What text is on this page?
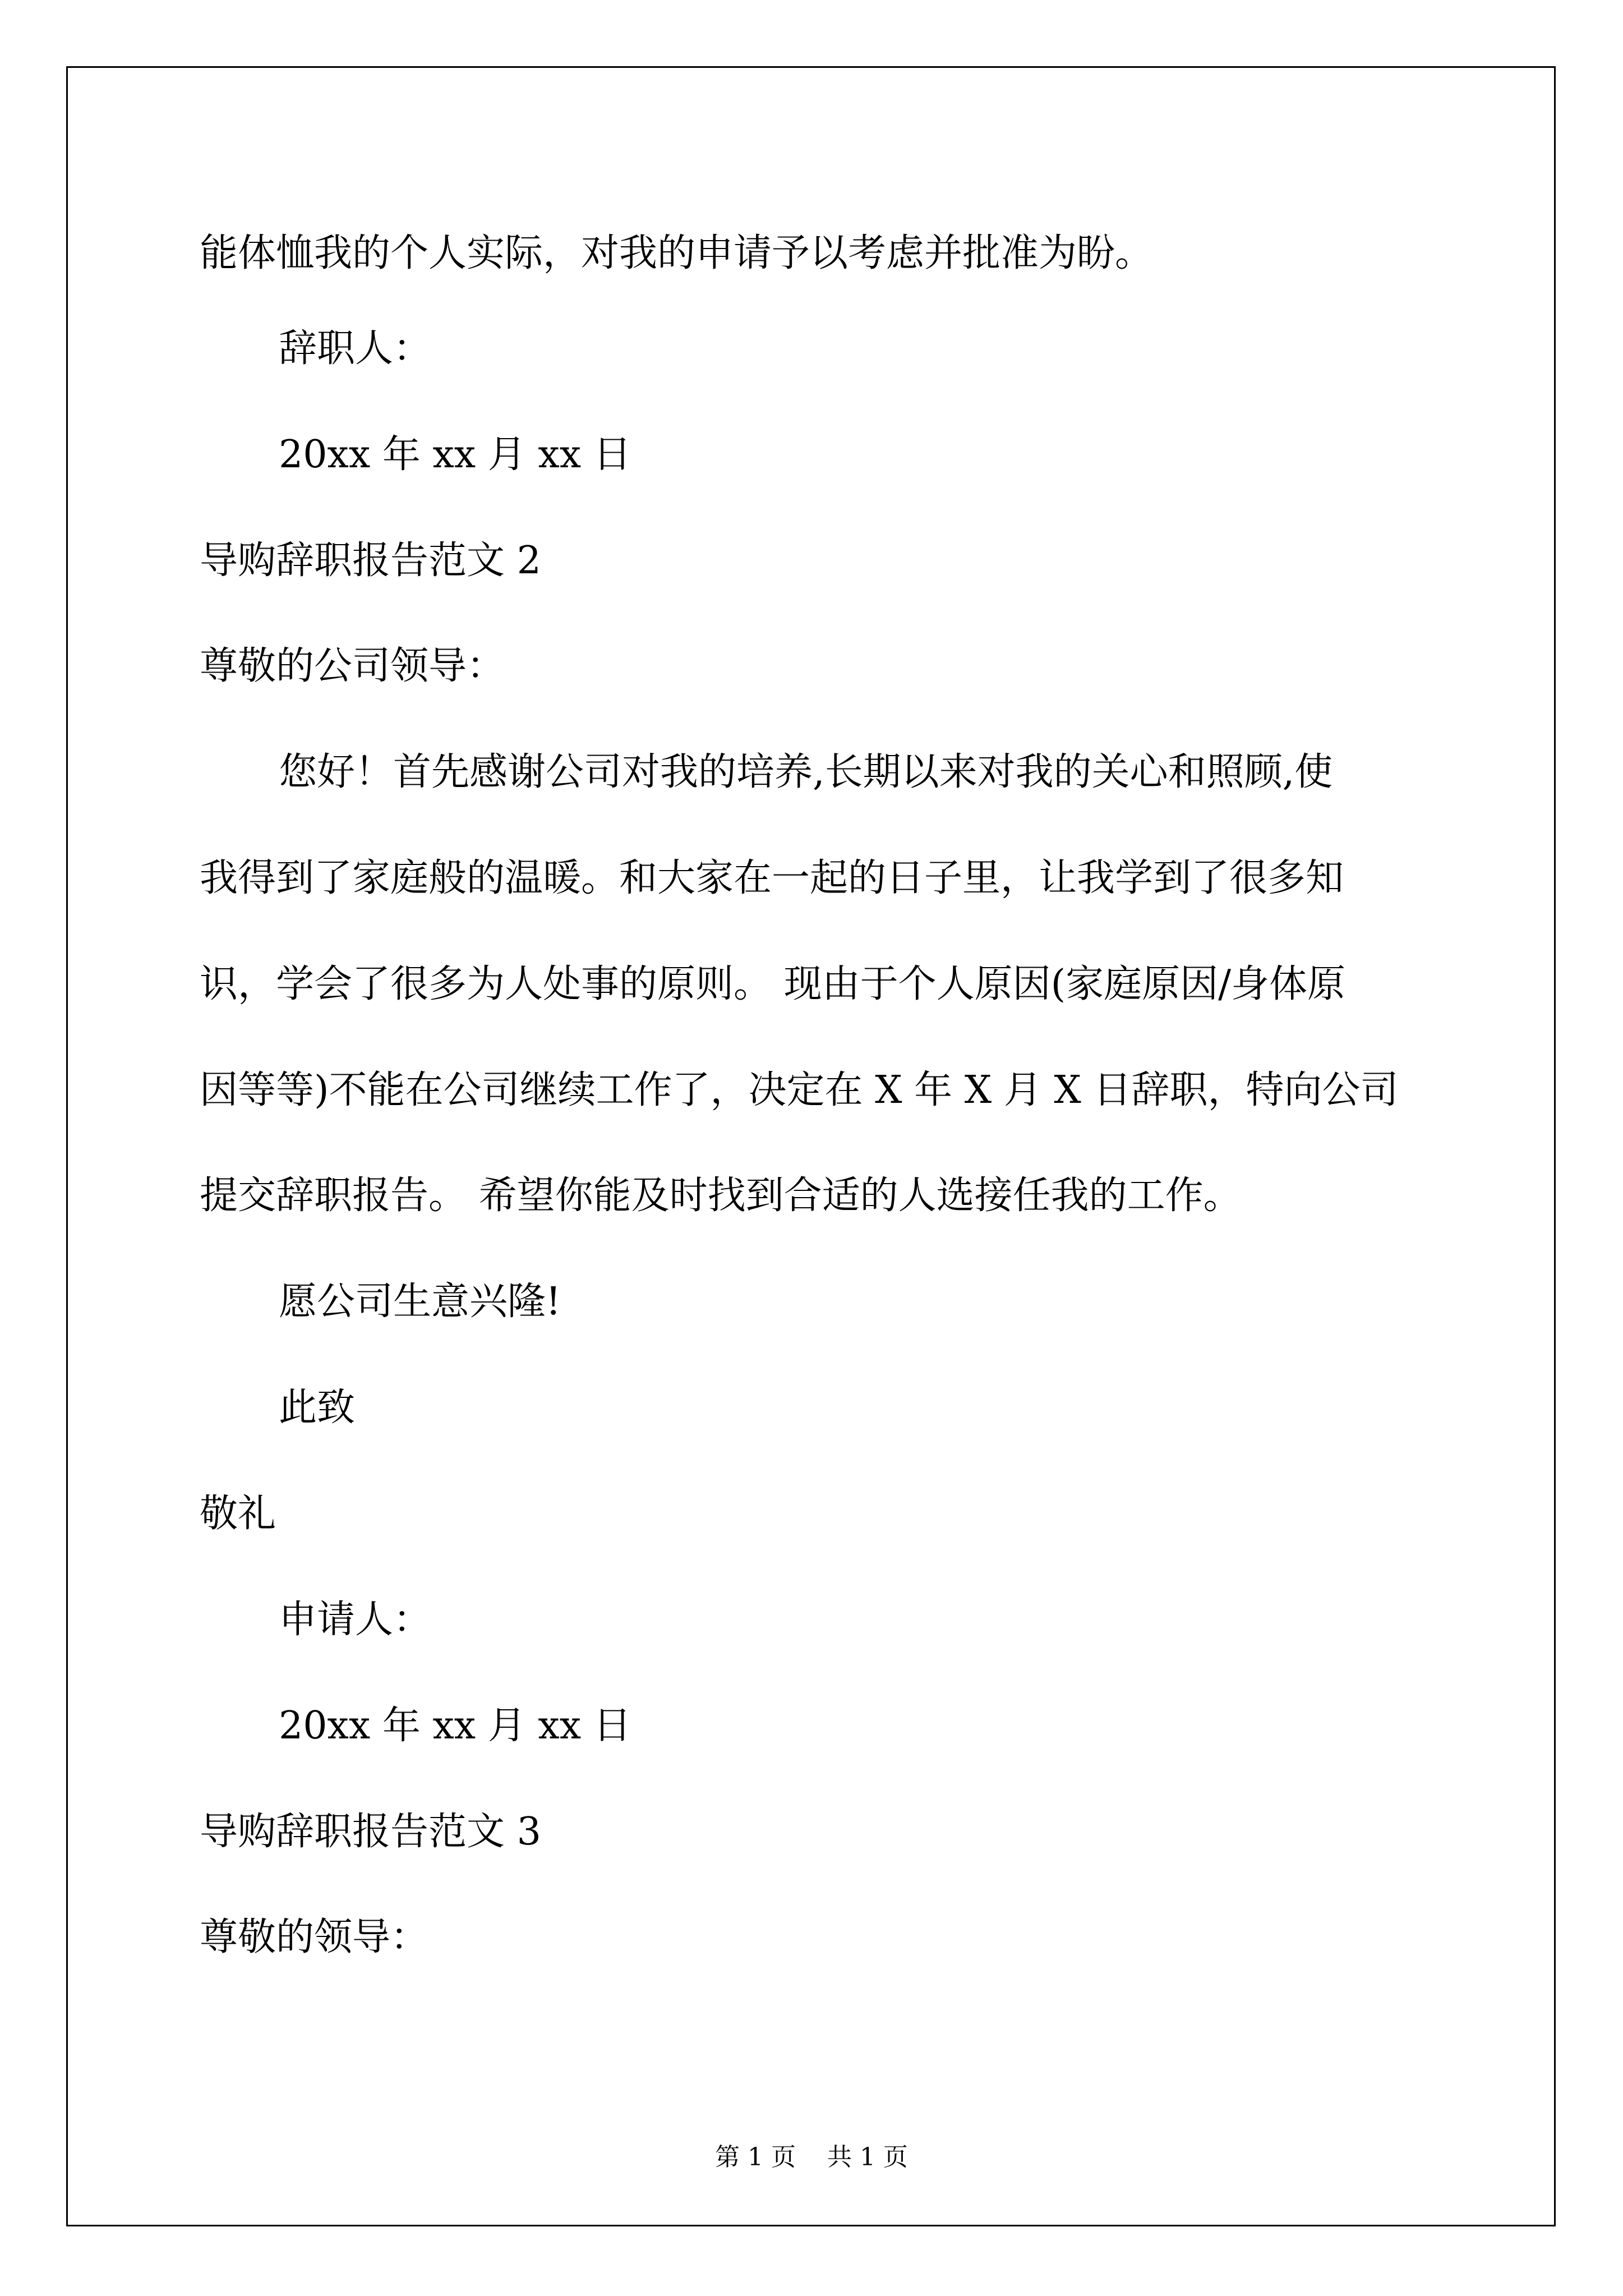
能体恤我的个人实际，对我的申请予以考虑并批准为盼。

辞职人：

20xx 年 xx 月 xx 日

导购辞职报告范文 2

尊敬的公司领导：

您好！首先感谢公司对我的培养,长期以来对我的关心和照顾,使

我得到了家庭般的温暖。和大家在一起的日子里，让我学到了很多知

识，学会了很多为人处事的原则。 现由于个人原因(家庭原因/身体原

因等等)不能在公司继续工作了，决定在 X 年 X 月 X 日辞职，特向公司

提交辞职报告。 希望你能及时找到合适的人选接任我的工作。

愿公司生意兴隆!

此致

敬礼

申请人：

20xx 年 xx 月 xx 日

导购辞职报告范文 3

尊敬的领导：

第 1 页    共 1 页
